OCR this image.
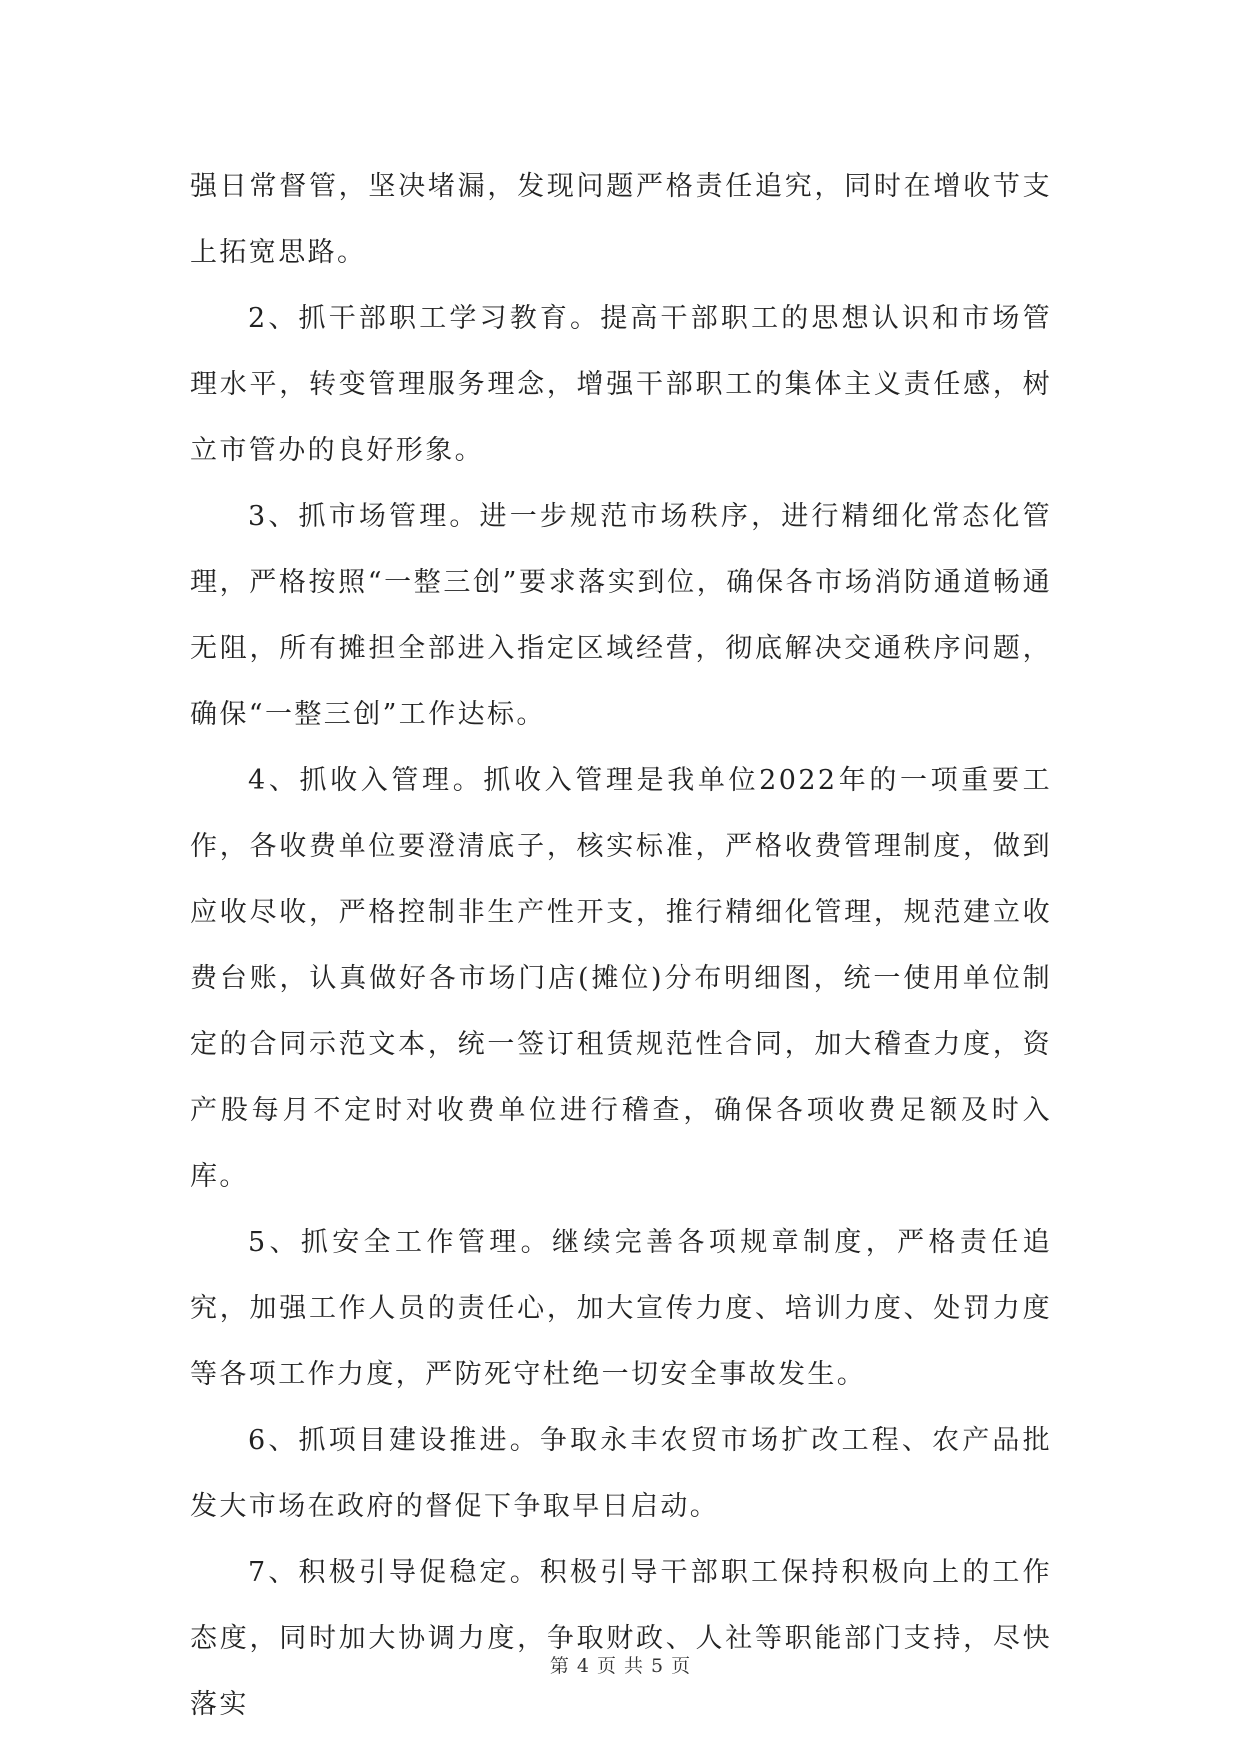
强日常督管，坚决堵漏，发现问题严格责任追究，同时在增收节支上拓宽思路。

2、抓干部职工学习教育。提高干部职工的思想认识和市场管理水平，转变管理服务理念，增强干部职工的集体主义责任感，树立市管办的良好形象。

3、抓市场管理。进一步规范市场秩序，进行精细化常态化管理，严格按照“一整三创”要求落实到位，确保各市场消防通道畅通无阻，所有摊担全部进入指定区域经营，彻底解决交通秩序问题，确保“一整三创”工作达标。

4、抓收入管理。抓收入管理是我单位2022年的一项重要工作，各收费单位要澄清底子，核实标准，严格收费管理制度，做到应收尽收，严格控制非生产性开支，推行精细化管理，规范建立收费台账，认真做好各市场门店(摊位)分布明细图，统一使用单位制定的合同示范文本，统一签订租赁规范性合同，加大稽查力度，资产股每月不定时对收费单位进行稽查，确保各项收费足额及时入库。

5、抓安全工作管理。继续完善各项规章制度，严格责任追究，加强工作人员的责任心，加大宣传力度、培训力度、处罚力度等各项工作力度，严防死守杜绝一切安全事故发生。

6、抓项目建设推进。争取永丰农贸市场扩改工程、农产品批发大市场在政府的督促下争取早日启动。

7、积极引导促稳定。积极引导干部职工保持积极向上的工作态度，同时加大协调力度，争取财政、人社等职能部门支持，尽快落实

第 4 页 共 5 页
